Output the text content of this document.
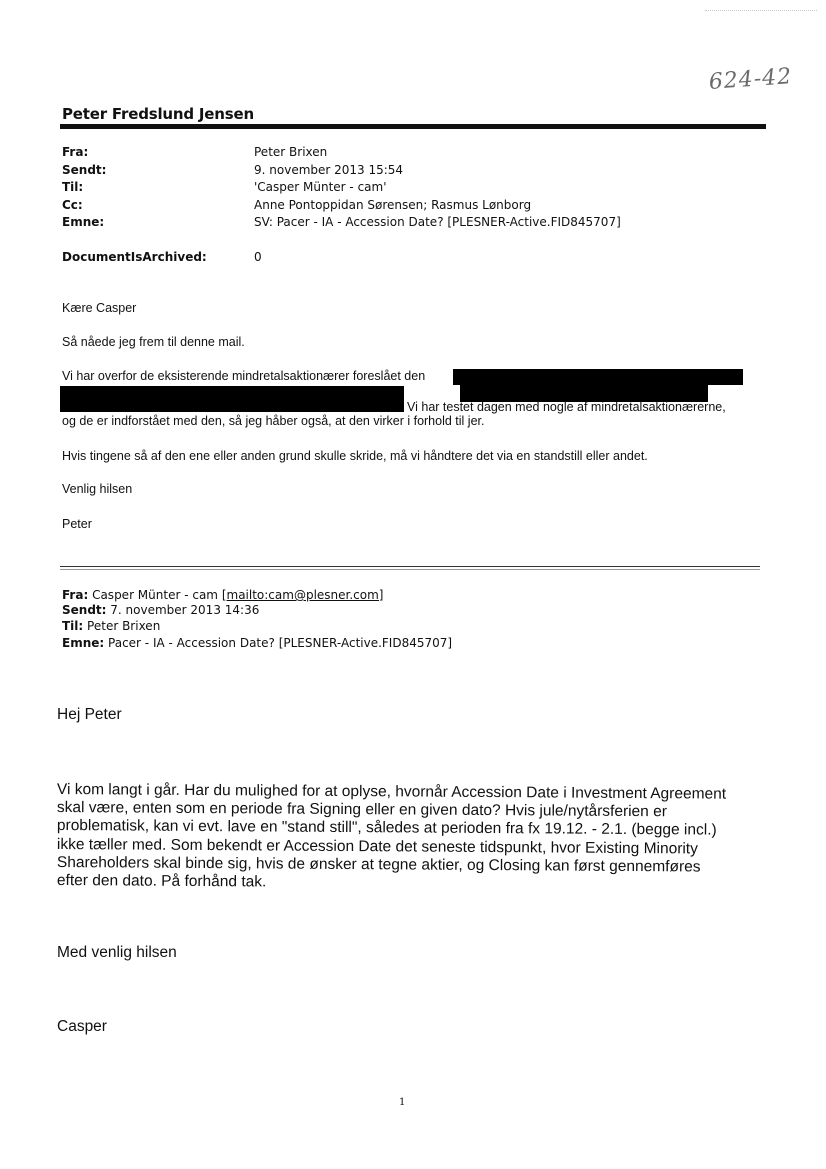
624-42
Peter Fredslund Jensen
Fra:	Peter Brixen
Sendt:	9. november 2013 15:54
Til:	'Casper Münter - cam'
Cc:	Anne Pontoppidan Sørensen; Rasmus Lønborg
Emne:	SV: Pacer - IA - Accession Date? [PLESNER-Active.FID845707]
DocumentIsArchived:	0
Kære Casper
Så nåede jeg frem til denne mail.
Vi har overfor de eksisterende mindretalsaktionærer foreslået den
Vi har testet dagen med nogle af mindretalsaktionærerne,
og de er indforstået med den, så jeg håber også, at den virker i forhold til jer.
Hvis tingene så af den ene eller anden grund skulle skride, må vi håndtere det via en standstill eller andet.
Venlig hilsen
Peter
Fra: Casper Münter - cam [mailto:cam@plesner.com]
Sendt: 7. november 2013 14:36
Til: Peter Brixen
Emne: Pacer - IA - Accession Date? [PLESNER-Active.FID845707]
Hej Peter
Vi kom langt i går. Har du mulighed for at oplyse, hvornår Accession Date i Investment Agreement
skal være, enten som en periode fra Signing eller en given dato? Hvis jule/nytårsferien er
problematisk, kan vi evt. lave en "stand still", således at perioden fra fx 19.12. - 2.1. (begge incl.)
ikke tæller med. Som bekendt er Accession Date det seneste tidspunkt, hvor Existing Minority
Shareholders skal binde sig, hvis de ønsker at tegne aktier, og Closing kan først gennemføres
efter den dato. På forhånd tak.
Med venlig hilsen
Casper
1
